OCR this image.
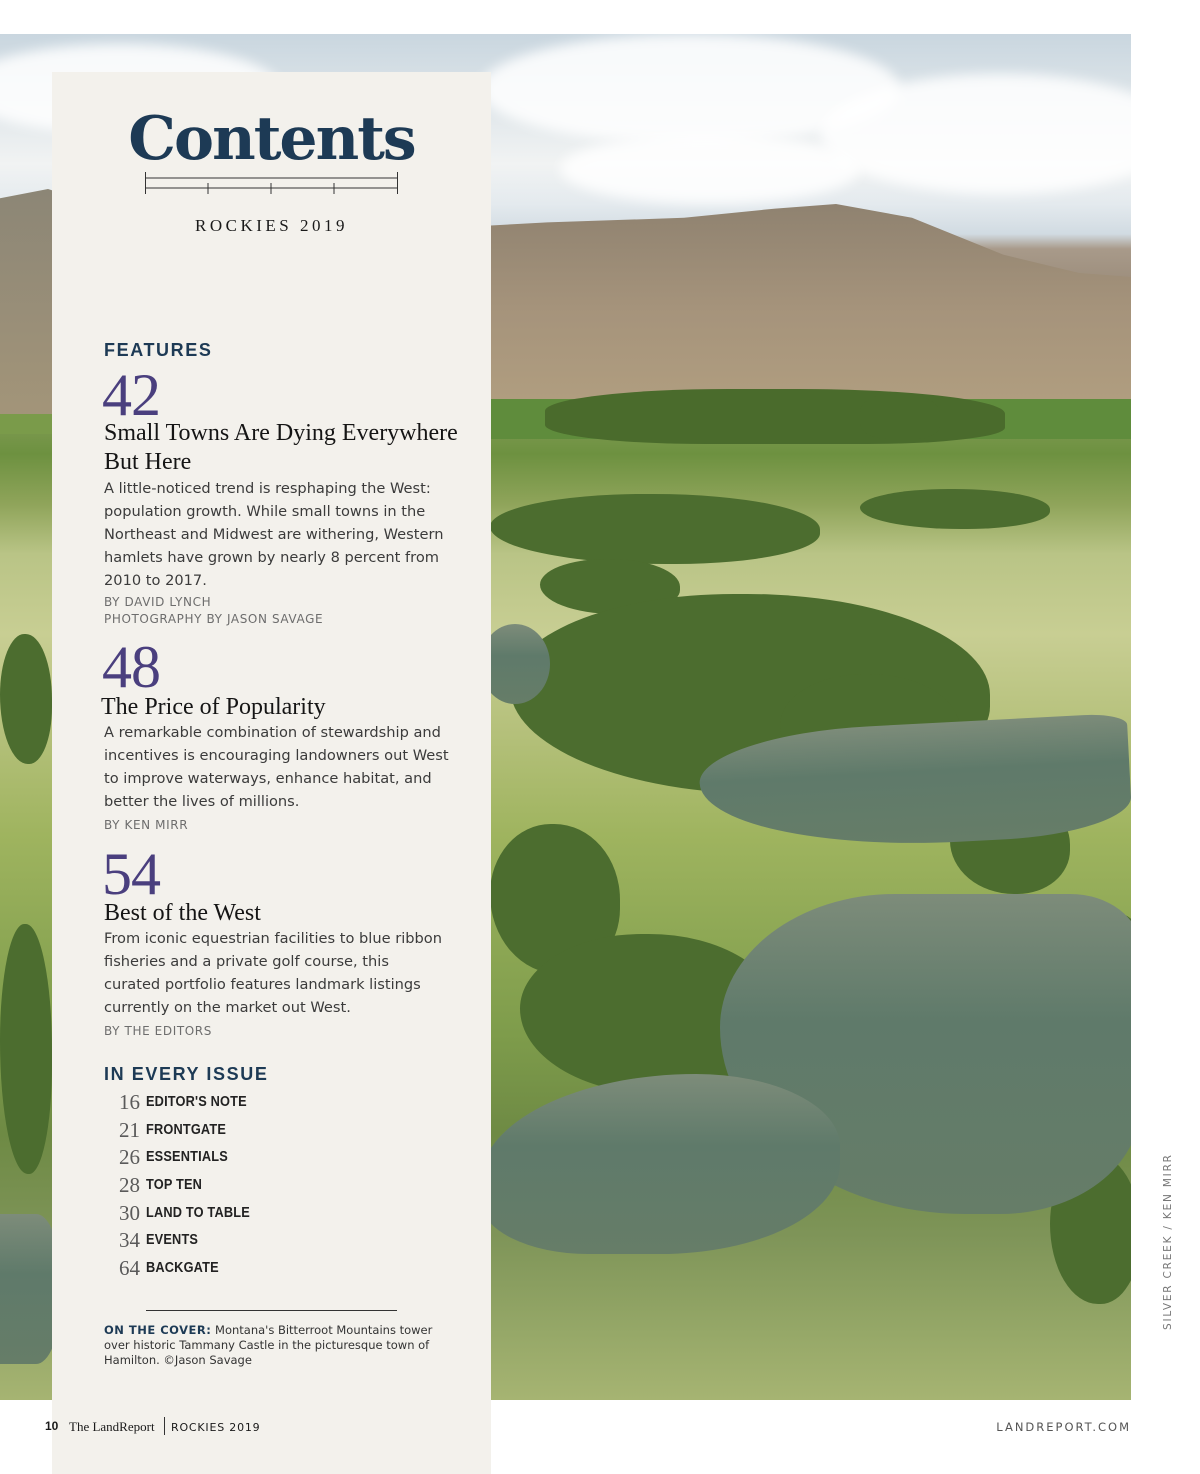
Contents
ROCKIES 2019
FEATURES
42
Small Towns Are Dying Everywhere But Here
A little-noticed trend is resphaping the West: population growth. While small towns in the Northeast and Midwest are withering, Western hamlets have grown by nearly 8 percent from 2010 to 2017.
BY DAVID LYNCH
PHOTOGRAPHY BY JASON SAVAGE
48
The Price of Popularity
A remarkable combination of stewardship and incentives is encouraging landowners out West to improve waterways, enhance habitat, and better the lives of millions.
BY KEN MIRR
54
Best of the West
From iconic equestrian facilities to blue ribbon fisheries and a private golf course, this curated portfolio features landmark listings currently on the market out West.
BY THE EDITORS
IN EVERY ISSUE
16 EDITOR'S NOTE
21 FRONTGATE
26 ESSENTIALS
28 TOP TEN
30 LAND TO TABLE
34 EVENTS
64 BACKGATE
ON THE COVER: Montana's Bitterroot Mountains tower over historic Tammany Castle in the picturesque town of Hamilton. ©Jason Savage
SILVER CREEK / KEN MIRR
10 The LandReport ROCKIES 2019	LANDREPORT.COM
